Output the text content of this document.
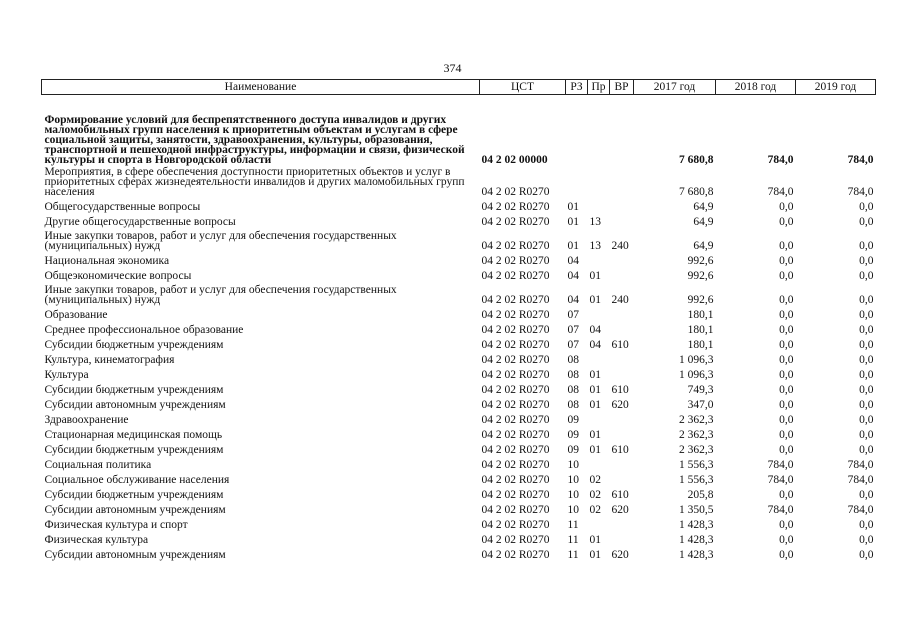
374
Наименование	ЦСТ	РЗ	Пр	ВР	2017 год	2018 год	2019 год
Формирование условий для беспрепятственного доступа инвалидов и других маломобильных групп населения к приоритетным объектам и услугам в сфере социальной защиты, занятости, здравоохранения, культуры, образования, транспортной и пешеходной инфраструктуры, информации и связи, физической культуры и спорта в Новгородской области	04 2 02 00000				7 680,8	784,0	784,0
Мероприятия, в сфере обеспечения доступности приоритетных объектов и услуг в приоритетных сферах жизнедеятельности инвалидов и других маломобильных групп населения	04 2 02 R0270				7 680,8	784,0	784,0
Общегосударственные вопросы	04 2 02 R0270	01			64,9	0,0	0,0
Другие общегосударственные вопросы	04 2 02 R0270	01	13		64,9	0,0	0,0
Иные закупки товаров, работ и услуг для обеспечения государственных (муниципальных) нужд	04 2 02 R0270	01	13	240	64,9	0,0	0,0
Национальная экономика	04 2 02 R0270	04			992,6	0,0	0,0
Общеэкономические вопросы	04 2 02 R0270	04	01		992,6	0,0	0,0
Иные закупки товаров, работ и услуг для обеспечения государственных (муниципальных) нужд	04 2 02 R0270	04	01	240	992,6	0,0	0,0
Образование	04 2 02 R0270	07			180,1	0,0	0,0
Среднее профессиональное образование	04 2 02 R0270	07	04		180,1	0,0	0,0
Субсидии бюджетным учреждениям	04 2 02 R0270	07	04	610	180,1	0,0	0,0
Культура, кинематография	04 2 02 R0270	08			1 096,3	0,0	0,0
Культура	04 2 02 R0270	08	01		1 096,3	0,0	0,0
Субсидии бюджетным учреждениям	04 2 02 R0270	08	01	610	749,3	0,0	0,0
Субсидии автономным учреждениям	04 2 02 R0270	08	01	620	347,0	0,0	0,0
Здравоохранение	04 2 02 R0270	09			2 362,3	0,0	0,0
Стационарная медицинская помощь	04 2 02 R0270	09	01		2 362,3	0,0	0,0
Субсидии бюджетным учреждениям	04 2 02 R0270	09	01	610	2 362,3	0,0	0,0
Социальная политика	04 2 02 R0270	10			1 556,3	784,0	784,0
Социальное обслуживание населения	04 2 02 R0270	10	02		1 556,3	784,0	784,0
Субсидии бюджетным учреждениям	04 2 02 R0270	10	02	610	205,8	0,0	0,0
Субсидии автономным учреждениям	04 2 02 R0270	10	02	620	1 350,5	784,0	784,0
Физическая культура и спорт	04 2 02 R0270	11			1 428,3	0,0	0,0
Физическая культура	04 2 02 R0270	11	01		1 428,3	0,0	0,0
Субсидии автономным учреждениям	04 2 02 R0270	11	01	620	1 428,3	0,0	0,0
